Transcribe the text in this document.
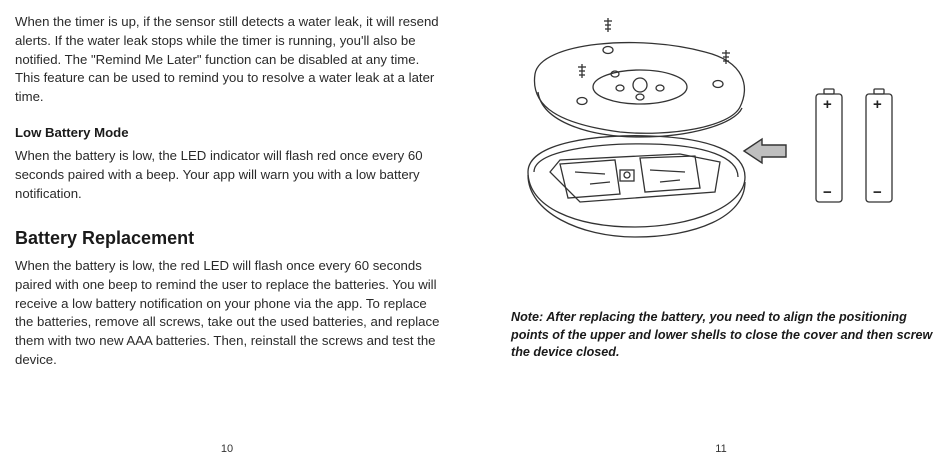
When the timer is up, if the sensor still detects a water leak, it will resend alerts. If the water leak stops while the timer is running, you'll also be notified. The "Remind Me Later" function can be disabled at any time. This feature can be used to remind you to resolve a water leak at a later time.

Low Battery Mode

When the battery is low, the LED indicator will flash red once every 60 seconds paired with a beep. Your app will warn you with a low battery notification.

Battery Replacement

When the battery is low, the red LED will flash once every 60 seconds paired with one beep to remind the user to replace the batteries. You will receive a low battery notification on your phone via the app. To replace the batteries, remove all screws, take out the used batteries, and replace them with two new AAA batteries. Then, reinstall the screws and test the device.

10
+
−
+
−

Note: After replacing the battery, you need to align the positioning points of the upper and lower shells to close the cover and then screw the device closed.

11
